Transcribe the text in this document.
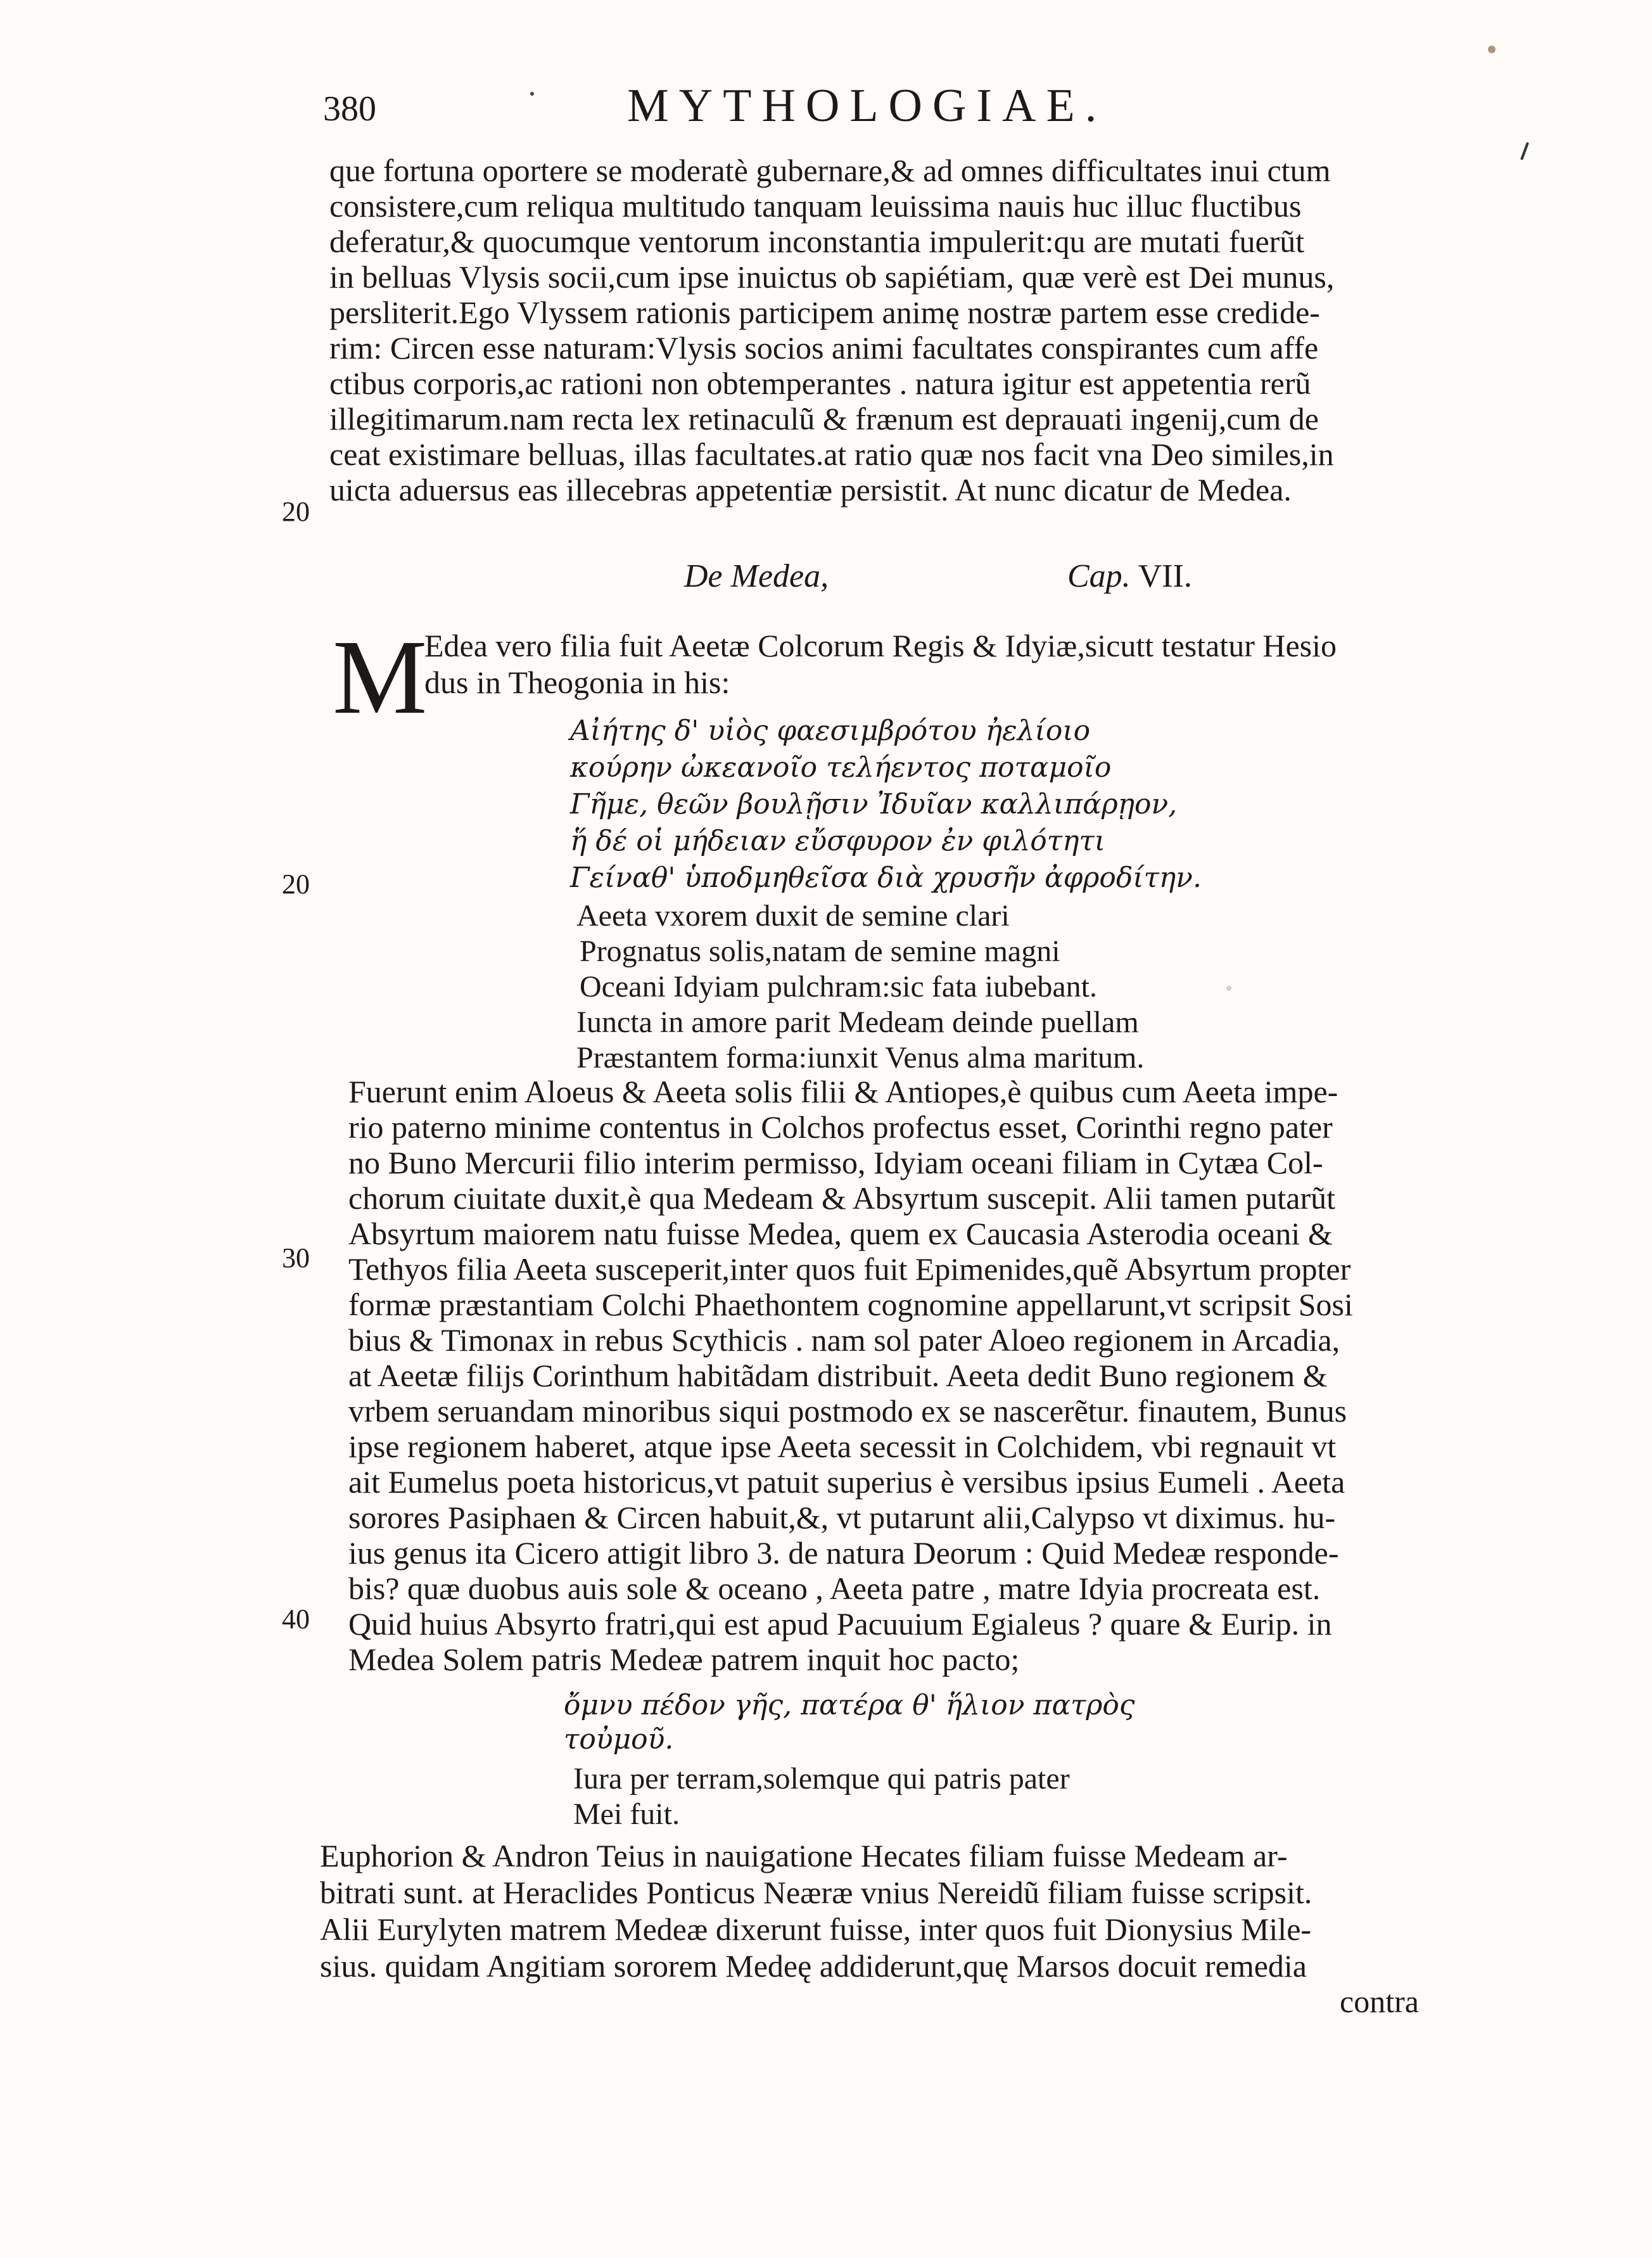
380	MYTHOLOGIAE.
que fortuna oportere se moderatè gubernare,& ad omnes difficultates inui ctum
consistere,cum reliqua multitudo tanquam leuissima nauis huc illuc fluctibus
deferatur,& quocumque ventorum inconstantia impulerit:qu are mutati fuerũt
in belluas Vlysis socii,cum ipse inuictus ob sapiétiam, quæ verè est Dei munus,
persliterit.Ego Vlyssem rationis participem animę nostræ partem esse credide-
rim: Circen esse naturam:Vlysis socios animi facultates conspirantes cum affe
ctibus corporis,ac rationi non obtemperantes . natura igitur est appetentia rerũ
illegitimarum.nam recta lex retinaculũ & frænum est deprauati ingenij,cum de
ceat existimare belluas, illas facultates.at ratio quæ nos facit vna Deo similes,in
uicta aduersus eas illecebras appetentiæ persistit. At nunc dicatur de Medea.
20
De Medea,	Cap. VII.
M
Edea vero filia fuit Aeetæ Colcorum Regis & Idyiæ,sicutt testatur Hesio
dus in Theogonia in his:
Αἰήτης δ' υἱὸς φαεσιμβρότου ἠελίοιο
κούρην ὠκεανοῖο τελήεντος ποταμοῖο
Γῆμε, θεῶν βουλῇσιν Ἰδυῖαν καλλιπάρῃον,
ἥ δέ οἱ μήδειαν εὔσφυρον ἐν φιλότητι
Γείναθ' ὑποδμηθεῖσα διὰ χρυσῆν ἀφροδίτην.
20
Aeeta vxorem duxit de semine clari
Prognatus solis,natam de semine magni
Oceani Idyiam pulchram:sic fata iubebant.
Iuncta in amore parit Medeam deinde puellam
Præstantem forma:iunxit Venus alma maritum.
Fuerunt enim Aloeus & Aeeta solis filii & Antiopes,è quibus cum Aeeta impe-
rio paterno minime contentus in Colchos profectus esset, Corinthi regno pater
no Buno Mercurii filio interim permisso, Idyiam oceani filiam in Cytæa Col-
chorum ciuitate duxit,è qua Medeam & Absyrtum suscepit. Alii tamen putarũt
Absyrtum maiorem natu fuisse Medea, quem ex Caucasia Asterodia oceani &
30 Tethyos filia Aeeta susceperit,inter quos fuit Epimenides,quẽ Absyrtum propter
formæ præstantiam Colchi Phaethontem cognomine appellarunt,vt scripsit Sosi
bius & Timonax in rebus Scythicis . nam sol pater Aloeo regionem in Arcadia,
at Aeetæ filijs Corinthum habitãdam distribuit. Aeeta dedit Buno regionem &
vrbem seruandam minoribus siqui postmodo ex se nascerẽtur. finautem, Bunus
ipse regionem haberet, atque ipse Aeeta secessit in Colchidem, vbi regnauit vt
ait Eumelus poeta historicus,vt patuit superius è versibus ipsius Eumeli . Aeeta
sorores Pasiphaen & Circen habuit,&, vt putarunt alii,Calypso vt diximus. hu-
ius genus ita Cicero attigit libro 3. de natura Deorum : Quid Medeæ responde-
bis? quæ duobus auis sole & oceano , Aeeta patre , matre Idyia procreata est.
40 Quid huius Absyrto fratri,qui est apud Pacuuium Egialeus ? quare & Eurip. in
Medea Solem patris Medeæ patrem inquit hoc pacto;
ὄμνυ πέδον γῆς, πατέρα θ' ἥλιον πατρὸς
τοὐμοῦ.
Iura per terram,solemque qui patris pater
Mei fuit.
Euphorion & Andron Teius in nauigatione Hecates filiam fuisse Medeam ar-
bitrati sunt. at Heraclides Ponticus Neæræ vnius Nereidũ filiam fuisse scripsit.
Alii Eurylyten matrem Medeæ dixerunt fuisse, inter quos fuit Dionysius Mile-
sius. quidam Angitiam sororem Medeę addiderunt,quę Marsos docuit remedia
contra
